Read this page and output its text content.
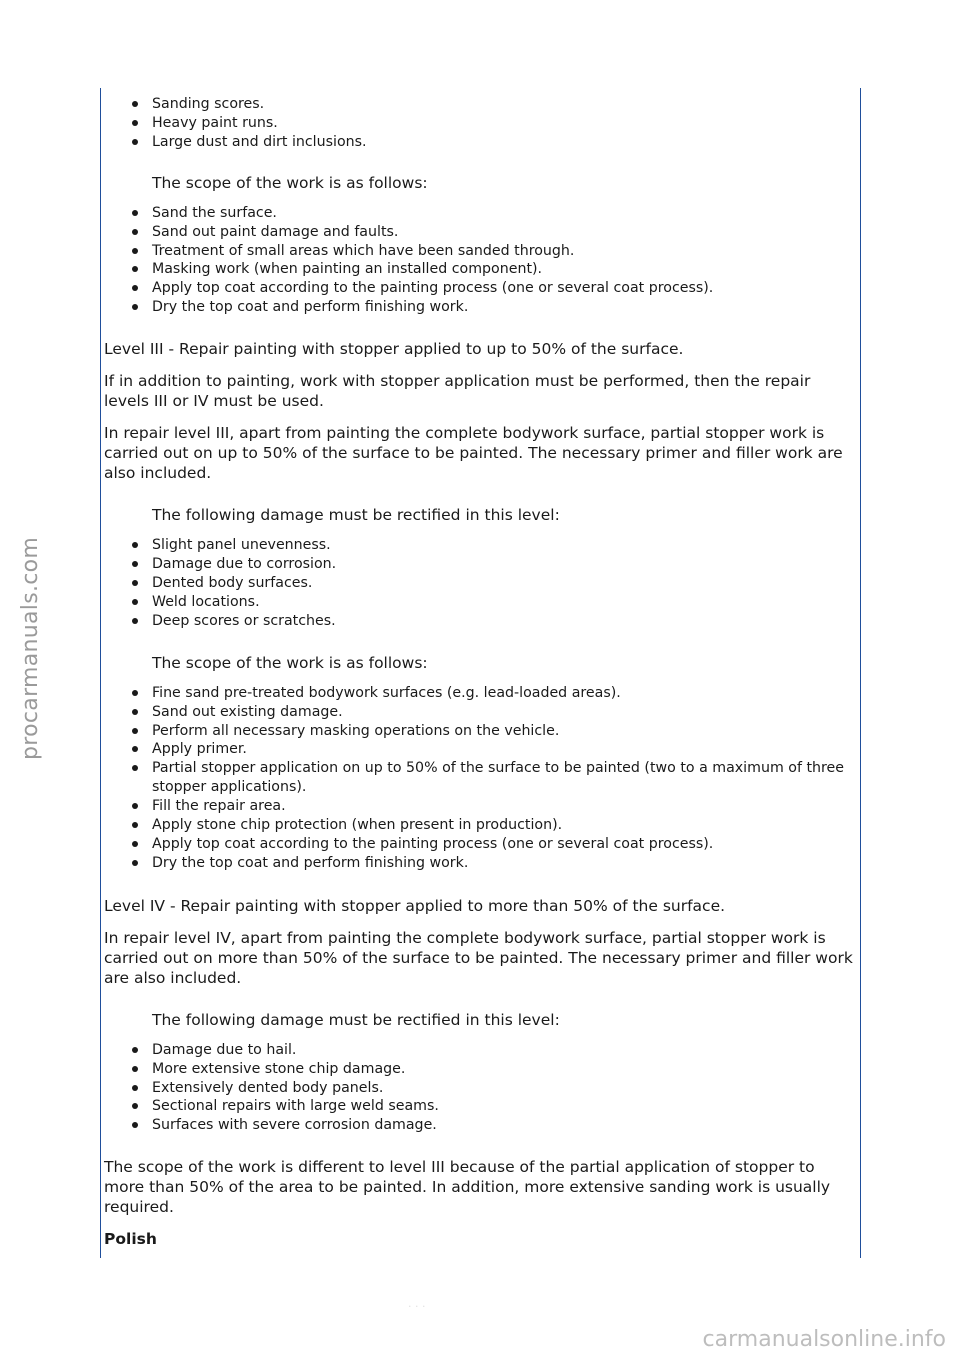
Sanding scores.
Heavy paint runs.
Large dust and dirt inclusions.

The scope of the work is as follows:

Sand the surface.
Sand out paint damage and faults.
Treatment of small areas which have been sanded through.
Masking work (when painting an installed component).
Apply top coat according to the painting process (one or several coat process).
Dry the top coat and perform finishing work.

Level III - Repair painting with stopper applied to up to 50% of the surface.

If in addition to painting, work with stopper application must be performed, then the repair levels III or IV must be used.

In repair level III, apart from painting the complete bodywork surface, partial stopper work is carried out on up to 50% of the surface to be painted. The necessary primer and filler work are also included.

The following damage must be rectified in this level:

Slight panel unevenness.
Damage due to corrosion.
Dented body surfaces.
Weld locations.
Deep scores or scratches.

The scope of the work is as follows:

Fine sand pre-treated bodywork surfaces (e.g. lead-loaded areas).
Sand out existing damage.
Perform all necessary masking operations on the vehicle.
Apply primer.
Partial stopper application on up to 50% of the surface to be painted (two to a maximum of three stopper applications).
Fill the repair area.
Apply stone chip protection (when present in production).
Apply top coat according to the painting process (one or several coat process).
Dry the top coat and perform finishing work.

Level IV - Repair painting with stopper applied to more than 50% of the surface.

In repair level IV, apart from painting the complete bodywork surface, partial stopper work is carried out on more than 50% of the surface to be painted. The necessary primer and filler work are also included.

The following damage must be rectified in this level:

Damage due to hail.
More extensive stone chip damage.
Extensively dented body panels.
Sectional repairs with large weld seams.
Surfaces with severe corrosion damage.

The scope of the work is different to level III because of the partial application of stopper to more than 50% of the area to be painted. In addition, more extensive sanding work is usually required.

Polish

· · ·
procarmanuals.com
carmanualsonline.info
